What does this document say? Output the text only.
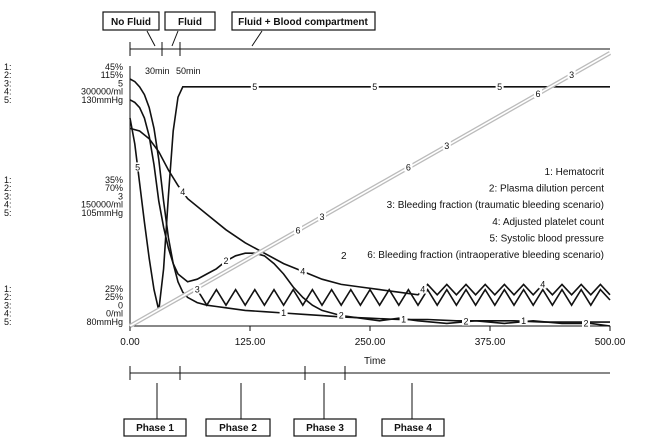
No Fluid	Fluid	Fluid + Blood compartment
30min 50min
1:	45%
2:	115%
3:	5
4:	300000/ml
5:	130mmHg
1:	35%
2:	70%
3:	3
4:	150000/ml
5:	105mmHg
1:	25%
2:	25%
3:	0
4:	0/ml
5:	80mmHg
0.00	125.00	250.00	375.00	500.00
Time
5	5	5
5
4
4
4
4
1
1	1
2
2
2	2
3
3
3
3
6
6
6
1: Hematocrit
2: Plasma dilution percent
3: Bleeding fraction (traumatic bleeding scenario)
4: Adjusted platelet count
5: Systolic blood pressure
6: Bleeding fraction (intraoperative bleeding scenario)
2
Phase 1	Phase 2	Phase 3	Phase 4
